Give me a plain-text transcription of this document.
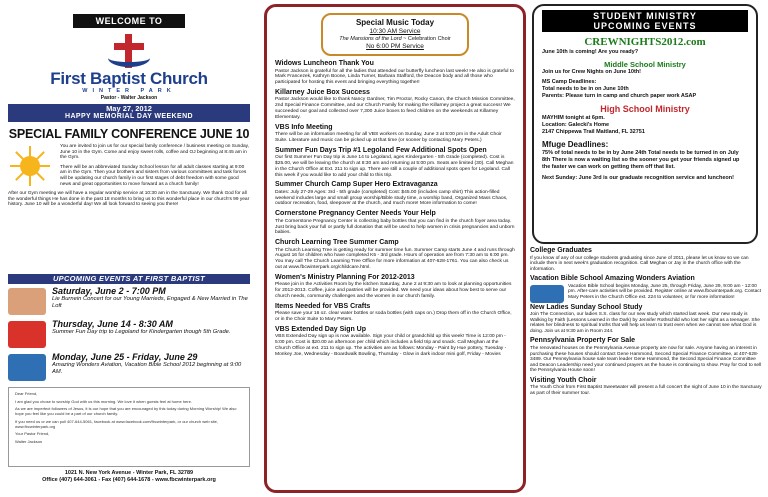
WELCOME TO
First Baptist Church
WINTER PARK
Pastor - Walter Jackson
May 27, 2012
HAPPY MEMORIAL DAY WEEKEND
SPECIAL FAMILY CONFERENCE JUNE 10

You are invited to join us for our special family conference / business meeting on Sunday, June 10 in the Gym. Come and enjoy sweet rolls, coffee and OJ beginning at 8:45 am in the Gym.

There will be an abbreviated Sunday School lesson for all adult classes starting at 9:00 am in the Gym. Then your brothers and sisters from various committees and task forces will be updating our church family in our first stages of debt freedom with some good news and great opportunities to move forward as a church family!

After our Gym meeting we will have a regular worship service at 10:30 am in the Sanctuary. We thank God for all the wonderful things He has done in the past 18 months to bring us to this wonderful place in our church's 99 year history. June 10 will be a wonderful day! We all look forward to seeing you there!

UPCOMING EVENTS AT FIRST BAPTIST
Saturday, June 2 - 7:00 PM
Lie Burnein Concert for our Young Marrieds, Engaged & New Married in The Loft
Thursday, June 14 - 8:30 AM
Summer Fun Day trip to Legoland for Kindergarten though 5th Grade.
Monday, June 25 - Friday, June 29
Amazing Wonders Aviation, Vacation Bible School 2012 beginning at 9:00 AM.

Dear Friend,

I am glad you chose to worship God with us this morning. We love it when guests feel at home here.

As we are imperfect followers of Jesus, it is our hope that you are encouraged by this today during Morning Worship! We also hope you feel like you could be a part of our church family.

If you need us or we can pull 407-644-5061, facebook at www.facebook.com/fbcwinterpark, or our church web site, www.fbcwinterpark.org

Your Pastor Friend,

Walter Jackson

1021 N. New York Avenue - Winter Park, FL 32789
Office (407) 644-3061 - Fax (407) 644-1678 - www.fbcwinterpark.org
Special Music Today
10:30 AM Service
The Mansions of the Lord ~ Celebration Choir
No 6:00 PM Service
Widows Luncheon Thank You

Pastor Jackson is grateful for all the ladies that attended our butterfly luncheon last week! He also is grateful to Mark Francezek, Kathryn Boone, Linda Turner, Barbara Stafford, the Deacon body and all those who participated for hosting this event and bringing everything together!

Killarney Juice Box Success

Pastor Jackson would like to thank Nancy Gardner, Tim Proctor, Rocky Canon, the Church Mission Committee, 2nd Special Finance Committee, and our Church Family for making the Killarney project a great success! We succeeded our goal and collected over 7,300 Juice boxes to feed children on the weekends at Killarney Elementary.

VBS Info Meeting

There will be an information meeting for all VBS workers on Sunday, June 3 at 5:00 pm in the Adult Choir Suite. Literature and music can be picked up at that time (or sooner by contacting Mary Peters.)

Summer Fun Days Trip #1 Legoland Few Additional Spots Open

Our first Summer Fun Day trip is June 14 to Legoland, ages Kindergarten - 5th Grade (completed). Cost is $25.00, we will be leaving the church at 8:30 am and returning at 5:00 pm. Seats are limited (30). Call Meghan in the Church Office at Ext. 211 to sign up. There are still a couple of additional spots open for Legoland. Call this week if you would like to add your child to this trip.

Summer Church Camp Super Hero Extravaganza

Dates: July 27-29 Ages: 3rd - 5th grade (completed) Cost: $45.00 (includes camp shirt) This action-filled weekend includes large and small group worship/Bible study time, a worship band, Organized Mass Chaos, outdoor recreation, food, sleepover at the church, and much more! More information to come!

Cornerstone Pregnancy Center Needs Your Help

The Cornerstone Pregnancy Center is collecting baby bottles that you can find in the church foyer area today. Just bring back your full or partly full donation that will be used to help women in crisis pregnancies and unborn babies.

Church Learning Tree Summer Camp

The Church Learning Tree is getting ready for summer time fun. Summer Camp starts June 4 and runs through August 16 for children who have completed K5 - 3rd grade. Hours of operation are from 7:30 am to 6:00 pm. You may call The Church Learning Tree Office for more information at 407-628-1761. You can also check us out at www.fbcwinterpark.org/childcare.html.

Women's Ministry Planning For 2012-2013

Please join in the Activities Room by the kitchen Saturday, June 2 at 9:30 am to look at planning opportunities for 2012-2013. Coffee, juice and pastries will be provided. We need your ideas about how best to serve our church needs, community challenges and the women in our church family.

Items Needed for VBS Crafts

Please save your 16 oz. clear water bottles or soda bottles (with caps on.) Drop them off in the Church Office, or in the Choir Suite to Mary Peters.

VBS Extended Day Sign Up

VBS Extended Day sign up is now available. Sign your child or grandchild up this week! Time is 12:00 pm - 5:00 pm. Cost is $20.00 an afternoon per child which includes a field trip and snack. Call Meghan at the Church Office at ext. 211 to sign up. The activities are as follows: Monday - Paint by Hue pottery, Tuesday - Monkey Joe, Wednesday - Boardwalk Bowling, Thursday - Glow in dark indoor mini golf, Friday - Movies

STUDENT MINISTRY
UPCOMING EVENTS
CREWNIGHTS2012.com
June 10th is coming! Are you ready?
Middle School Ministry
Join us for Crew Nights on June 10th!
MS Camp Deadlines:
Total needs to be in on June 10th
Parents: Please turn in camp and church paper work ASAP
High School Ministry
MAYHIM tonight at 6pm.
Location: Galecki's Home
2147 Chippewa Trail Maitland, FL 32751
Mfuge Deadlines:
75% of total needs to be in by June 24th Total needs to be turned in on July 8th There is now a waiting list so the sooner you get your friends signed up the faster we can work on getting them off that list.
Next Sunday: June 3rd is our graduate recognition service and luncheon!
College Graduates

If you know of any of our college students graduating since June of 2011, please let us know so we can include them in next week's graduation recognition. Call Meghan or Jay in the church office with the information.

Vacation Bible School Amazing Wonders Aviation

Vacation Bible School begins Monday, June 25, through Friday, June 29, 9:00 am - 12:00 pm. After-care activities will be provided. Register online at www.fbcwinterpark.org. Contact Mary Peters in the Church Office ext. 224 to volunteer, or for more information!

New Ladies Sunday School Study

Join The Connection, our ladies S.S. class for our new study which started last week. Our new study is Walking by Faith (Lessons Learned in the Dark) by Jennifer Rothschild who lost her sight as a teenager. She relates her blindness to spiritual truths that will help us learn to trust even when we cannot see what God is doing. Join us at 9:30 am in Room 244.

Pennsylvania Property For Sale

The renovated houses on the Pennsylvania Avenue property are now for sale. Anyone having an interest in purchasing these houses should contact Gene Hammond, Second Special Finance Committee, at 407-628-3489. Our Pennsylvania house sale team leader Gene Hammond, the Second Special Finance Committee and Deacon Leadership need your continued prayers as the house is continuing to show. Pray for God to sell the Pennsylvania House soon!

Visiting Youth Choir

The Youth Choir from First Baptist Sweetwater will present a full concert the night of June 10 in the Sanctuary as part of their summer tour.
